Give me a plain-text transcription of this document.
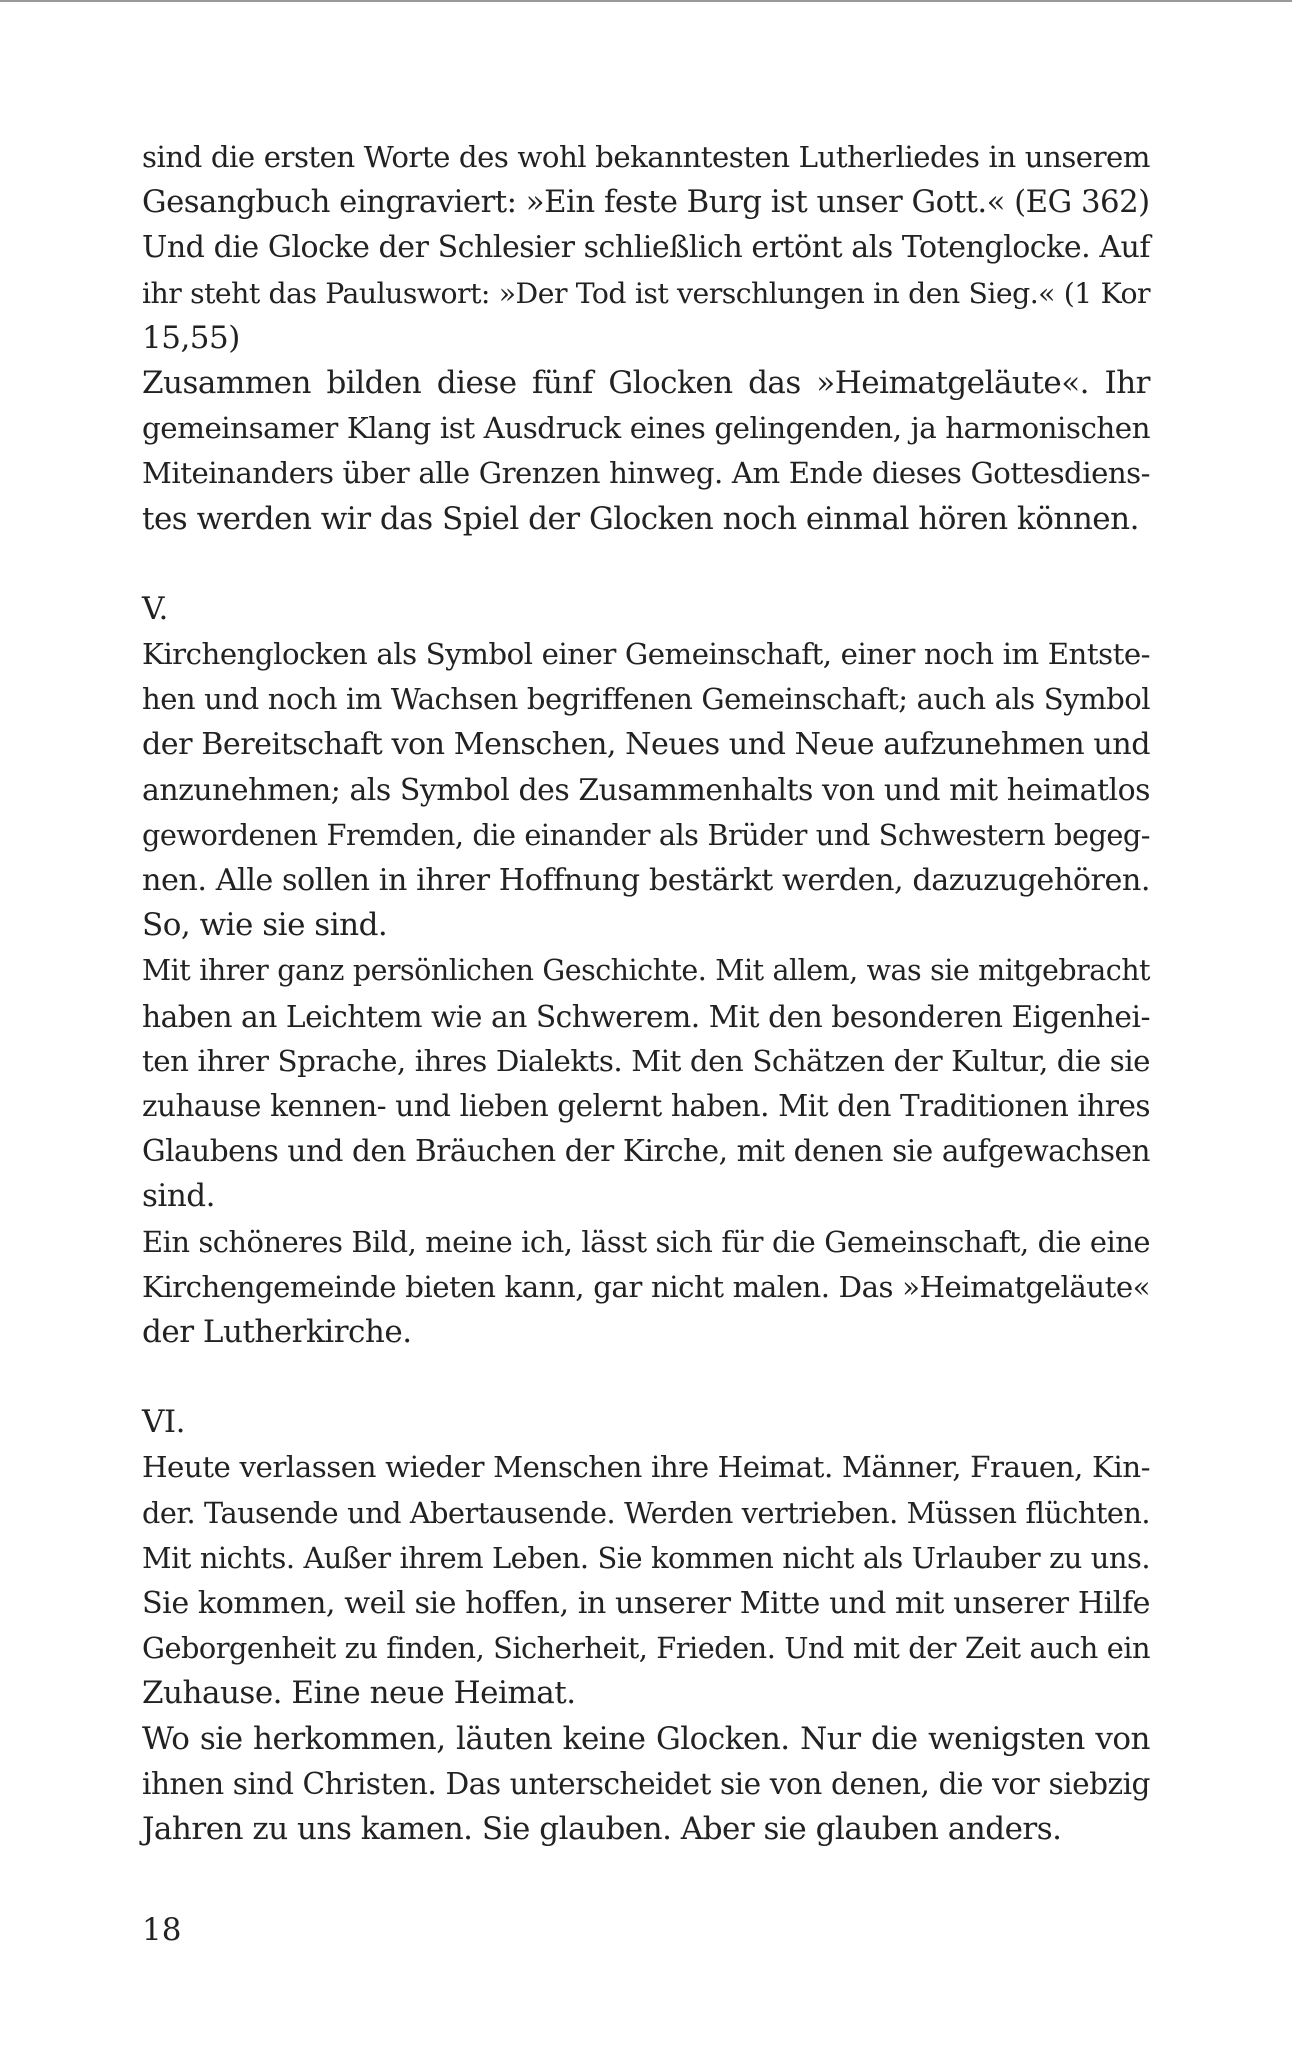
sind die ersten Worte des wohl bekanntesten Lutherliedes in unserem
Gesangbuch eingraviert: »Ein feste Burg ist unser Gott.« (EG 362)
Und die Glocke der Schlesier schließlich ertönt als Totenglocke. Auf
ihr steht das Pauluswort: »Der Tod ist verschlungen in den Sieg.« (1 Kor
15,55)
Zusammen bilden diese fünf Glocken das »Heimatgeläute«. Ihr
gemeinsamer Klang ist Ausdruck eines gelingenden, ja harmonischen
Miteinanders über alle Grenzen hinweg. Am Ende dieses Gottesdiens-
tes werden wir das Spiel der Glocken noch einmal hören können.
V.
Kirchenglocken als Symbol einer Gemeinschaft, einer noch im Entste-
hen und noch im Wachsen begriffenen Gemeinschaft; auch als Symbol
der Bereitschaft von Menschen, Neues und Neue aufzunehmen und
anzunehmen; als Symbol des Zusammenhalts von und mit heimatlos
gewordenen Fremden, die einander als Brüder und Schwestern begeg-
nen. Alle sollen in ihrer Hoffnung bestärkt werden, dazuzugehören.
So, wie sie sind.
Mit ihrer ganz persönlichen Geschichte. Mit allem, was sie mitgebracht
haben an Leichtem wie an Schwerem. Mit den besonderen Eigenhei-
ten ihrer Sprache, ihres Dialekts. Mit den Schätzen der Kultur, die sie
zuhause kennen- und lieben gelernt haben. Mit den Traditionen ihres
Glaubens und den Bräuchen der Kirche, mit denen sie aufgewachsen
sind.
Ein schöneres Bild, meine ich, lässt sich für die Gemeinschaft, die eine
Kirchengemeinde bieten kann, gar nicht malen. Das »Heimatgeläute«
der Lutherkirche.
VI.
Heute verlassen wieder Menschen ihre Heimat. Männer, Frauen, Kin-
der. Tausende und Abertausende. Werden vertrieben. Müssen flüchten.
Mit nichts. Außer ihrem Leben. Sie kommen nicht als Urlauber zu uns.
Sie kommen, weil sie hoffen, in unserer Mitte und mit unserer Hilfe
Geborgenheit zu finden, Sicherheit, Frieden. Und mit der Zeit auch ein
Zuhause. Eine neue Heimat.
Wo sie herkommen, läuten keine Glocken. Nur die wenigsten von
ihnen sind Christen. Das unterscheidet sie von denen, die vor siebzig
Jahren zu uns kamen. Sie glauben. Aber sie glauben anders.
18
